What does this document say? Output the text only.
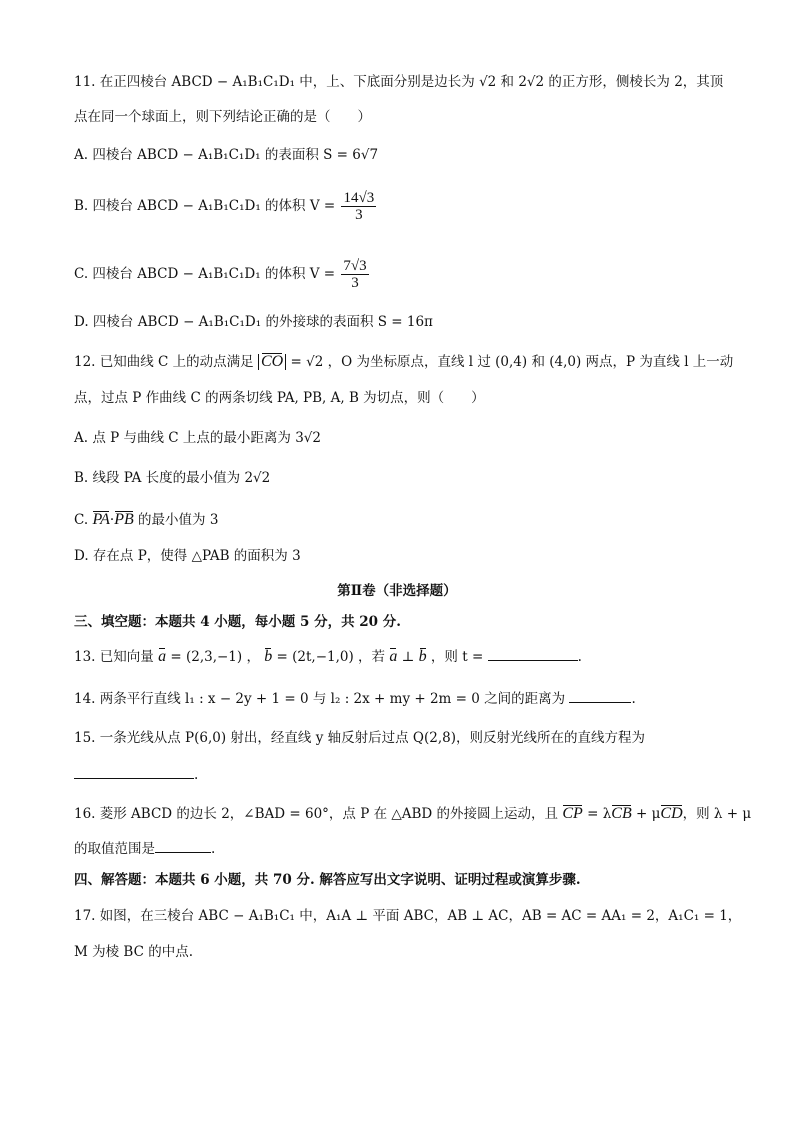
11. 在正四棱台 ABCD − A₁B₁C₁D₁ 中，上、下底面分别是边长为 √2 和 2√2 的正方形，侧棱长为 2，其顶
点在同一个球面上，则下列结论正确的是（　　）
A. 四棱台 ABCD − A₁B₁C₁D₁ 的表面积 S = 6√7
B. 四棱台 ABCD − A₁B₁C₁D₁ 的体积 $V = \frac{14√3}{3}$
C. 四棱台 ABCD − A₁B₁C₁D₁ 的体积 $V = \frac{7√3}{3}$
D. 四棱台 ABCD − A₁B₁C₁D₁ 的外接球的表面积 S = 16π
12. 已知曲线 C 上的动点满足 CO = √2 ，O 为坐标原点，直线 l 过 (0,4) 和 (4,0) 两点，P 为直线 l 上一动
点，过点 P 作曲线 C 的两条切线 PA, PB, A, B 为切点，则（　　）
A. 点 P 与曲线 C 上点的最小距离为 3√2
B. 线段 PA 长度的最小值为 2√2
C. PA·PB 的最小值为 3
D. 存在点 P，使得 △PAB 的面积为 3
第Ⅱ卷（非选择题）
三、填空题：本题共 4 小题，每小题 5 分，共 20 分.
13. 已知向量 a = (2,3,−1) ， b = (2t,−1,0) ，若 a ⊥ b ，则 t =	.
14. 两条平行直线 l₁ : x − 2y + 1 = 0 与 l₂ : 2x + my + 2m = 0 之间的距离为	.
15. 一条光线从点 P(6,0) 射出，经直线 y 轴反射后过点 Q(2,8)，则反射光线所在的直线方程为
.
16. 菱形 ABCD 的边长 2，∠BAD = 60°，点 P 在 △ABD 的外接圆上运动，且 CP = λCB + μCD，则 λ + μ
的取值范围是	.
四、解答题：本题共 6 小题，共 70 分. 解答应写出文字说明、证明过程或演算步骤.
17. 如图，在三棱台 ABC − A₁B₁C₁ 中，A₁A ⊥ 平面 ABC，AB ⊥ AC，AB = AC = AA₁ = 2，A₁C₁ = 1，
M 为棱 BC 的中点.
